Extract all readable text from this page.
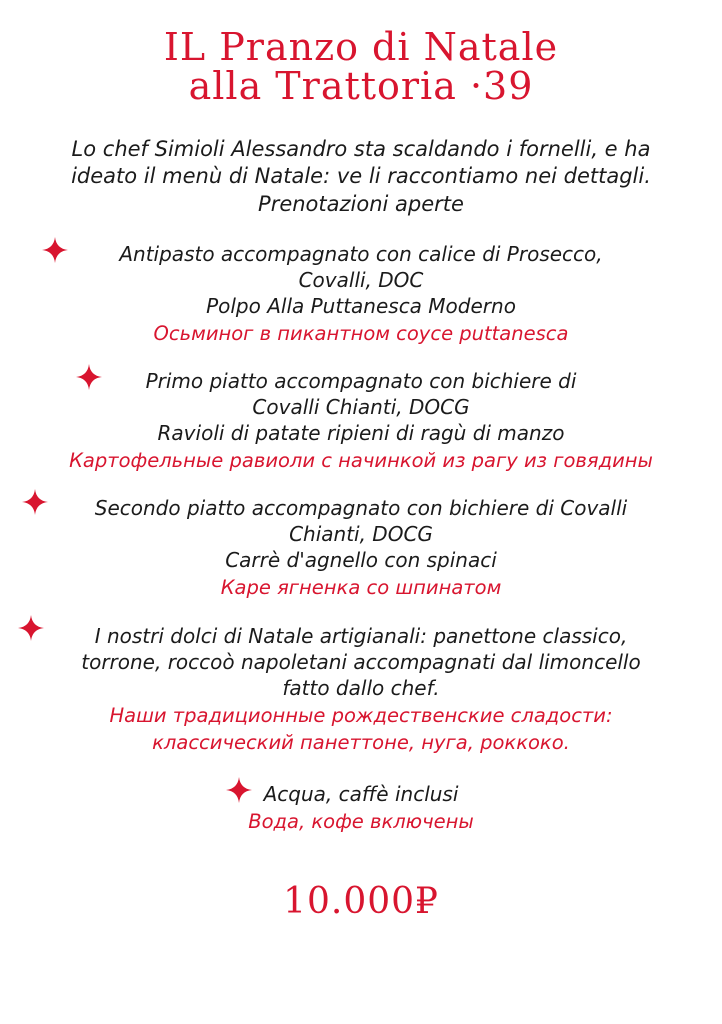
IL Pranzo di Natale
alla Trattoria ·39
Lo chef Simioli Alessandro sta scaldando i fornelli, e ha
ideato il menù di Natale: ve li raccontiamo nei dettagli.
Prenotazioni aperte

Antipasto accompagnato con calice di Prosecco,

Covalli, DOC

Polpo Alla Puttanesca Moderno

Осьминог в пикантном соусе puttanesca

Primo piatto accompagnato con bichiere di

Covalli Chianti, DOCG

Ravioli di patate ripieni di ragù di manzo

Картофельные равиоли с начинкой из рагу из говядины

Secondo piatto accompagnato con bichiere di Covalli

Chianti, DOCG

Carrè d'agnello con spinaci

Каре ягненка со шпинатом

I nostri dolci di Natale artigianali: panettone classico,

torrone, roccoò napoletani accompagnati dal limoncello

fatto dallo chef.

Наши традиционные рождественские сладости:

классический панеттоне, нуга, роккоко.

Acqua, caffè inclusi

Вода, кофе включены

10.000₽
